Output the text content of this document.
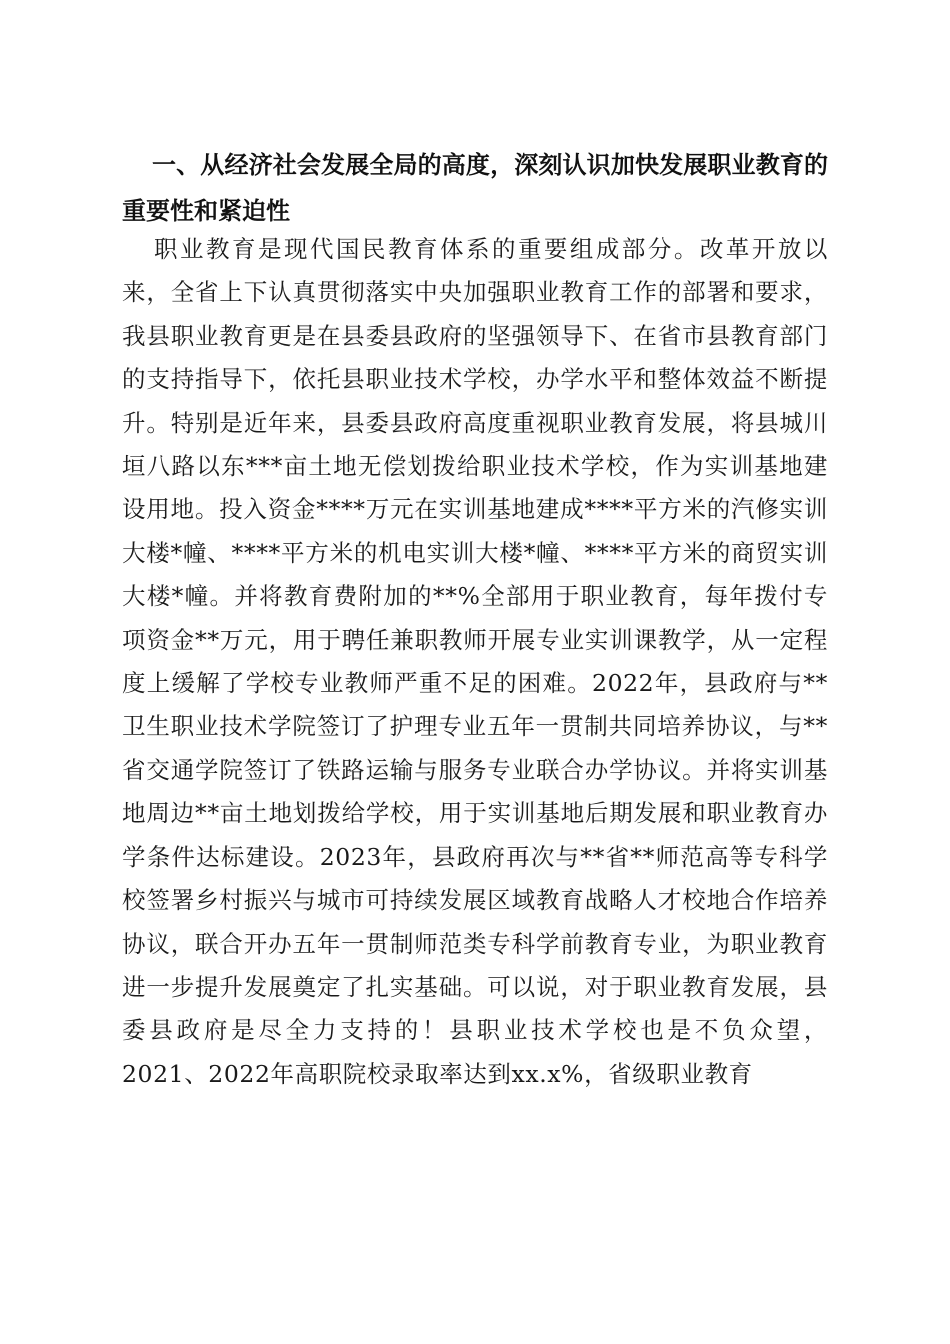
一、从经济社会发展全局的高度，深刻认识加快发展职业教育的重要性和紧迫性

职业教育是现代国民教育体系的重要组成部分。改革开放以来，全省上下认真贯彻落实中央加强职业教育工作的部署和要求，我县职业教育更是在县委县政府的坚强领导下、在省市县教育部门的支持指导下，依托县职业技术学校，办学水平和整体效益不断提升。特别是近年来，县委县政府高度重视职业教育发展，将县城川垣八路以东***亩土地无偿划拨给职业技术学校，作为实训基地建设用地。投入资金****万元在实训基地建成****平方米的汽修实训大楼*幢、****平方米的机电实训大楼*幢、****平方米的商贸实训大楼*幢。并将教育费附加的**%全部用于职业教育，每年拨付专项资金**万元，用于聘任兼职教师开展专业实训课教学，从一定程度上缓解了学校专业教师严重不足的困难。2022年，县政府与**卫生职业技术学院签订了护理专业五年一贯制共同培养协议，与**省交通学院签订了铁路运输与服务专业联合办学协议。并将实训基地周边**亩土地划拨给学校，用于实训基地后期发展和职业教育办学条件达标建设。2023年，县政府再次与**省**师范高等专科学校签署乡村振兴与城市可持续发展区域教育战略人才校地合作培养协议，联合开办五年一贯制师范类专科学前教育专业，为职业教育进一步提升发展奠定了扎实基础。可以说，对于职业教育发展，县委县政府是尽全力支持的！县职业技术学校也是不负众望，2021、2022年高职院校录取率达到xx.x%，省级职业教育
